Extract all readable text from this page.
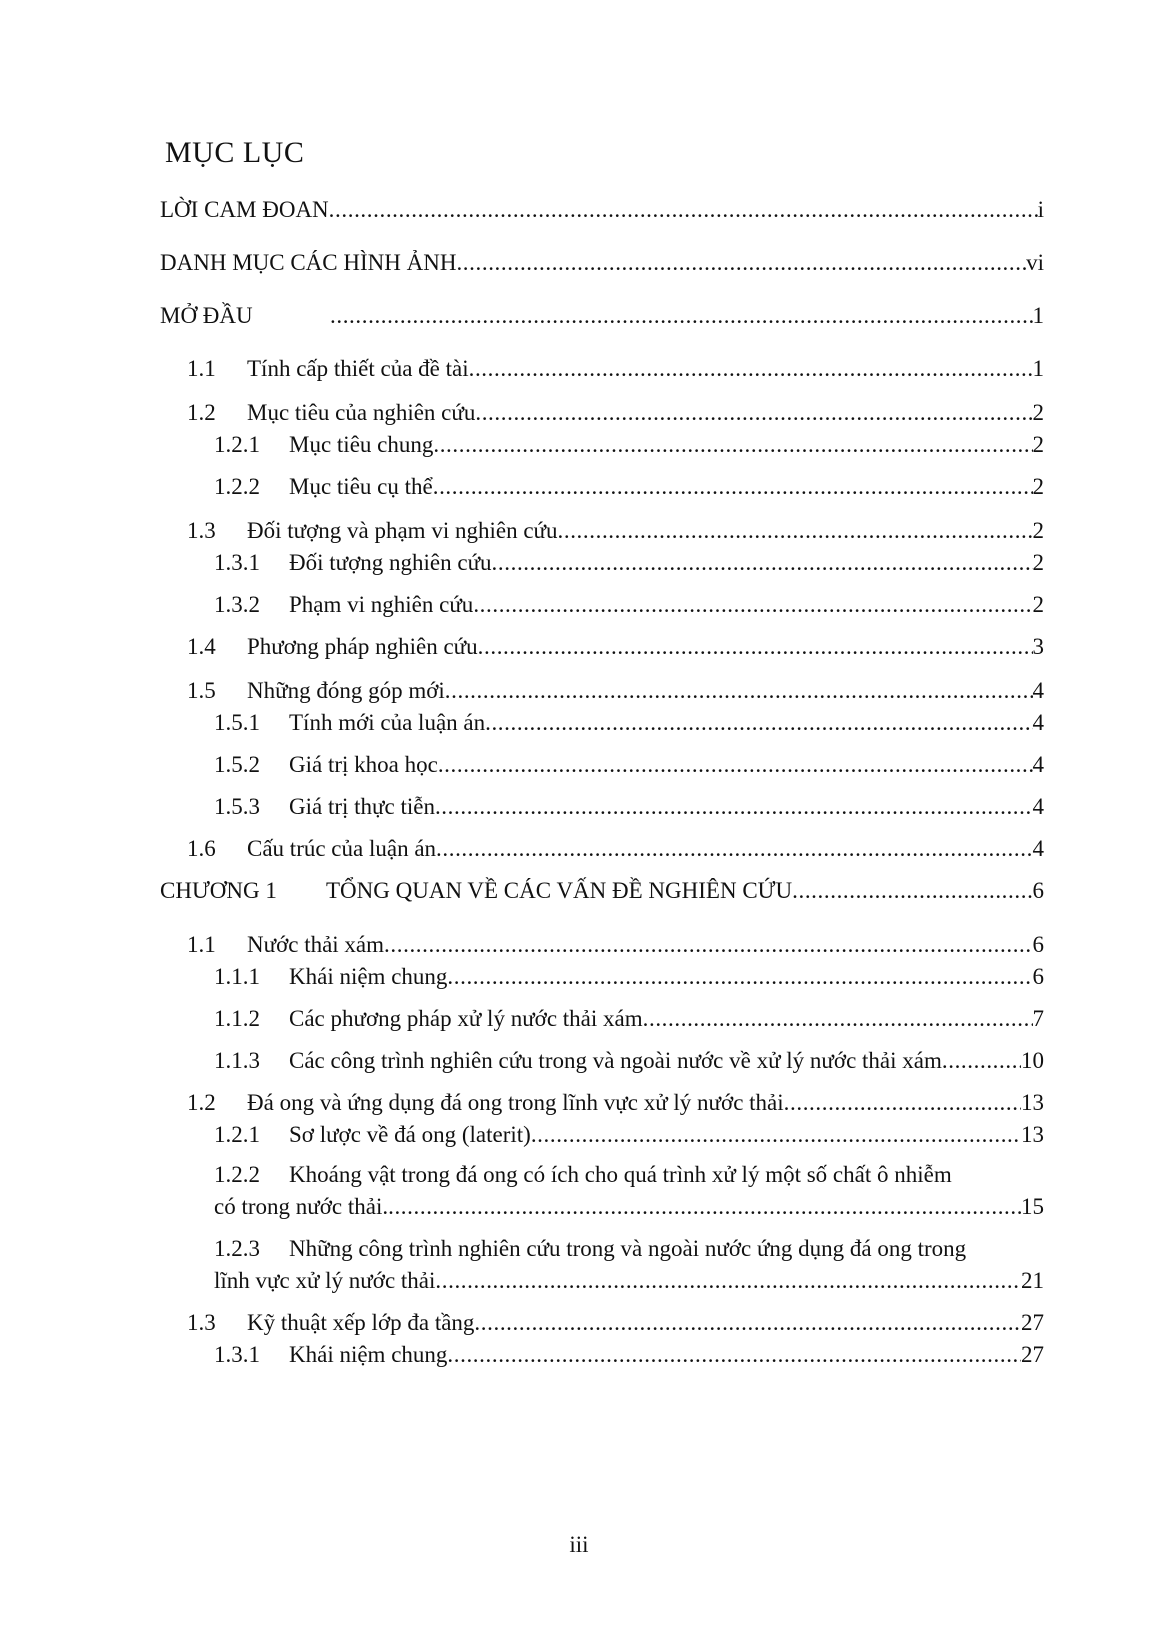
MỤC LỤC
LỜI CAM ĐOAN .....	i
DANH MỤC CÁC HÌNH ẢNH .....	vi
MỞ ĐẦU .....	1
1.1	Tính cấp thiết của đề tài .....	1
1.2	Mục tiêu của nghiên cứu .....	2
1.2.1	Mục tiêu chung .....	2
1.2.2	Mục tiêu cụ thể .....	2
1.3	Đối tượng và phạm vi nghiên cứu .....	2
1.3.1	Đối tượng nghiên cứu .....	2
1.3.2	Phạm vi nghiên cứu .....	2
1.4	Phương pháp nghiên cứu .....	3
1.5	Những đóng góp mới .....	4
1.5.1	Tính mới của luận án .....	4
1.5.2	Giá trị khoa học .....	4
1.5.3	Giá trị thực tiễn .....	4
1.6	Cấu trúc của luận án .....	4
CHƯƠNG 1	TỔNG QUAN VỀ CÁC VẤN ĐỀ NGHIÊN CỨU .....	6
1.1	Nước thải xám .....	6
1.1.1	Khái niệm chung .....	6
1.1.2	Các phương pháp xử lý nước thải xám .....	7
1.1.3	Các công trình nghiên cứu trong và ngoài nước về xử lý nước thải xám .....	10
1.2	Đá ong và ứng dụng đá ong trong lĩnh vực xử lý nước thải .....	13
1.2.1	Sơ lược về đá ong (laterit) .....	13
1.2.2	Khoáng vật trong đá ong có ích cho quá trình xử lý một số chất ô nhiễm
có trong nước thải. .....	15
1.2.3	Những công trình nghiên cứu trong và ngoài nước ứng dụng đá ong trong
lĩnh vực xử lý nước thải .....	21
1.3	Kỹ thuật xếp lớp đa tầng .....	27
1.3.1	Khái niệm chung .....	27
iii
